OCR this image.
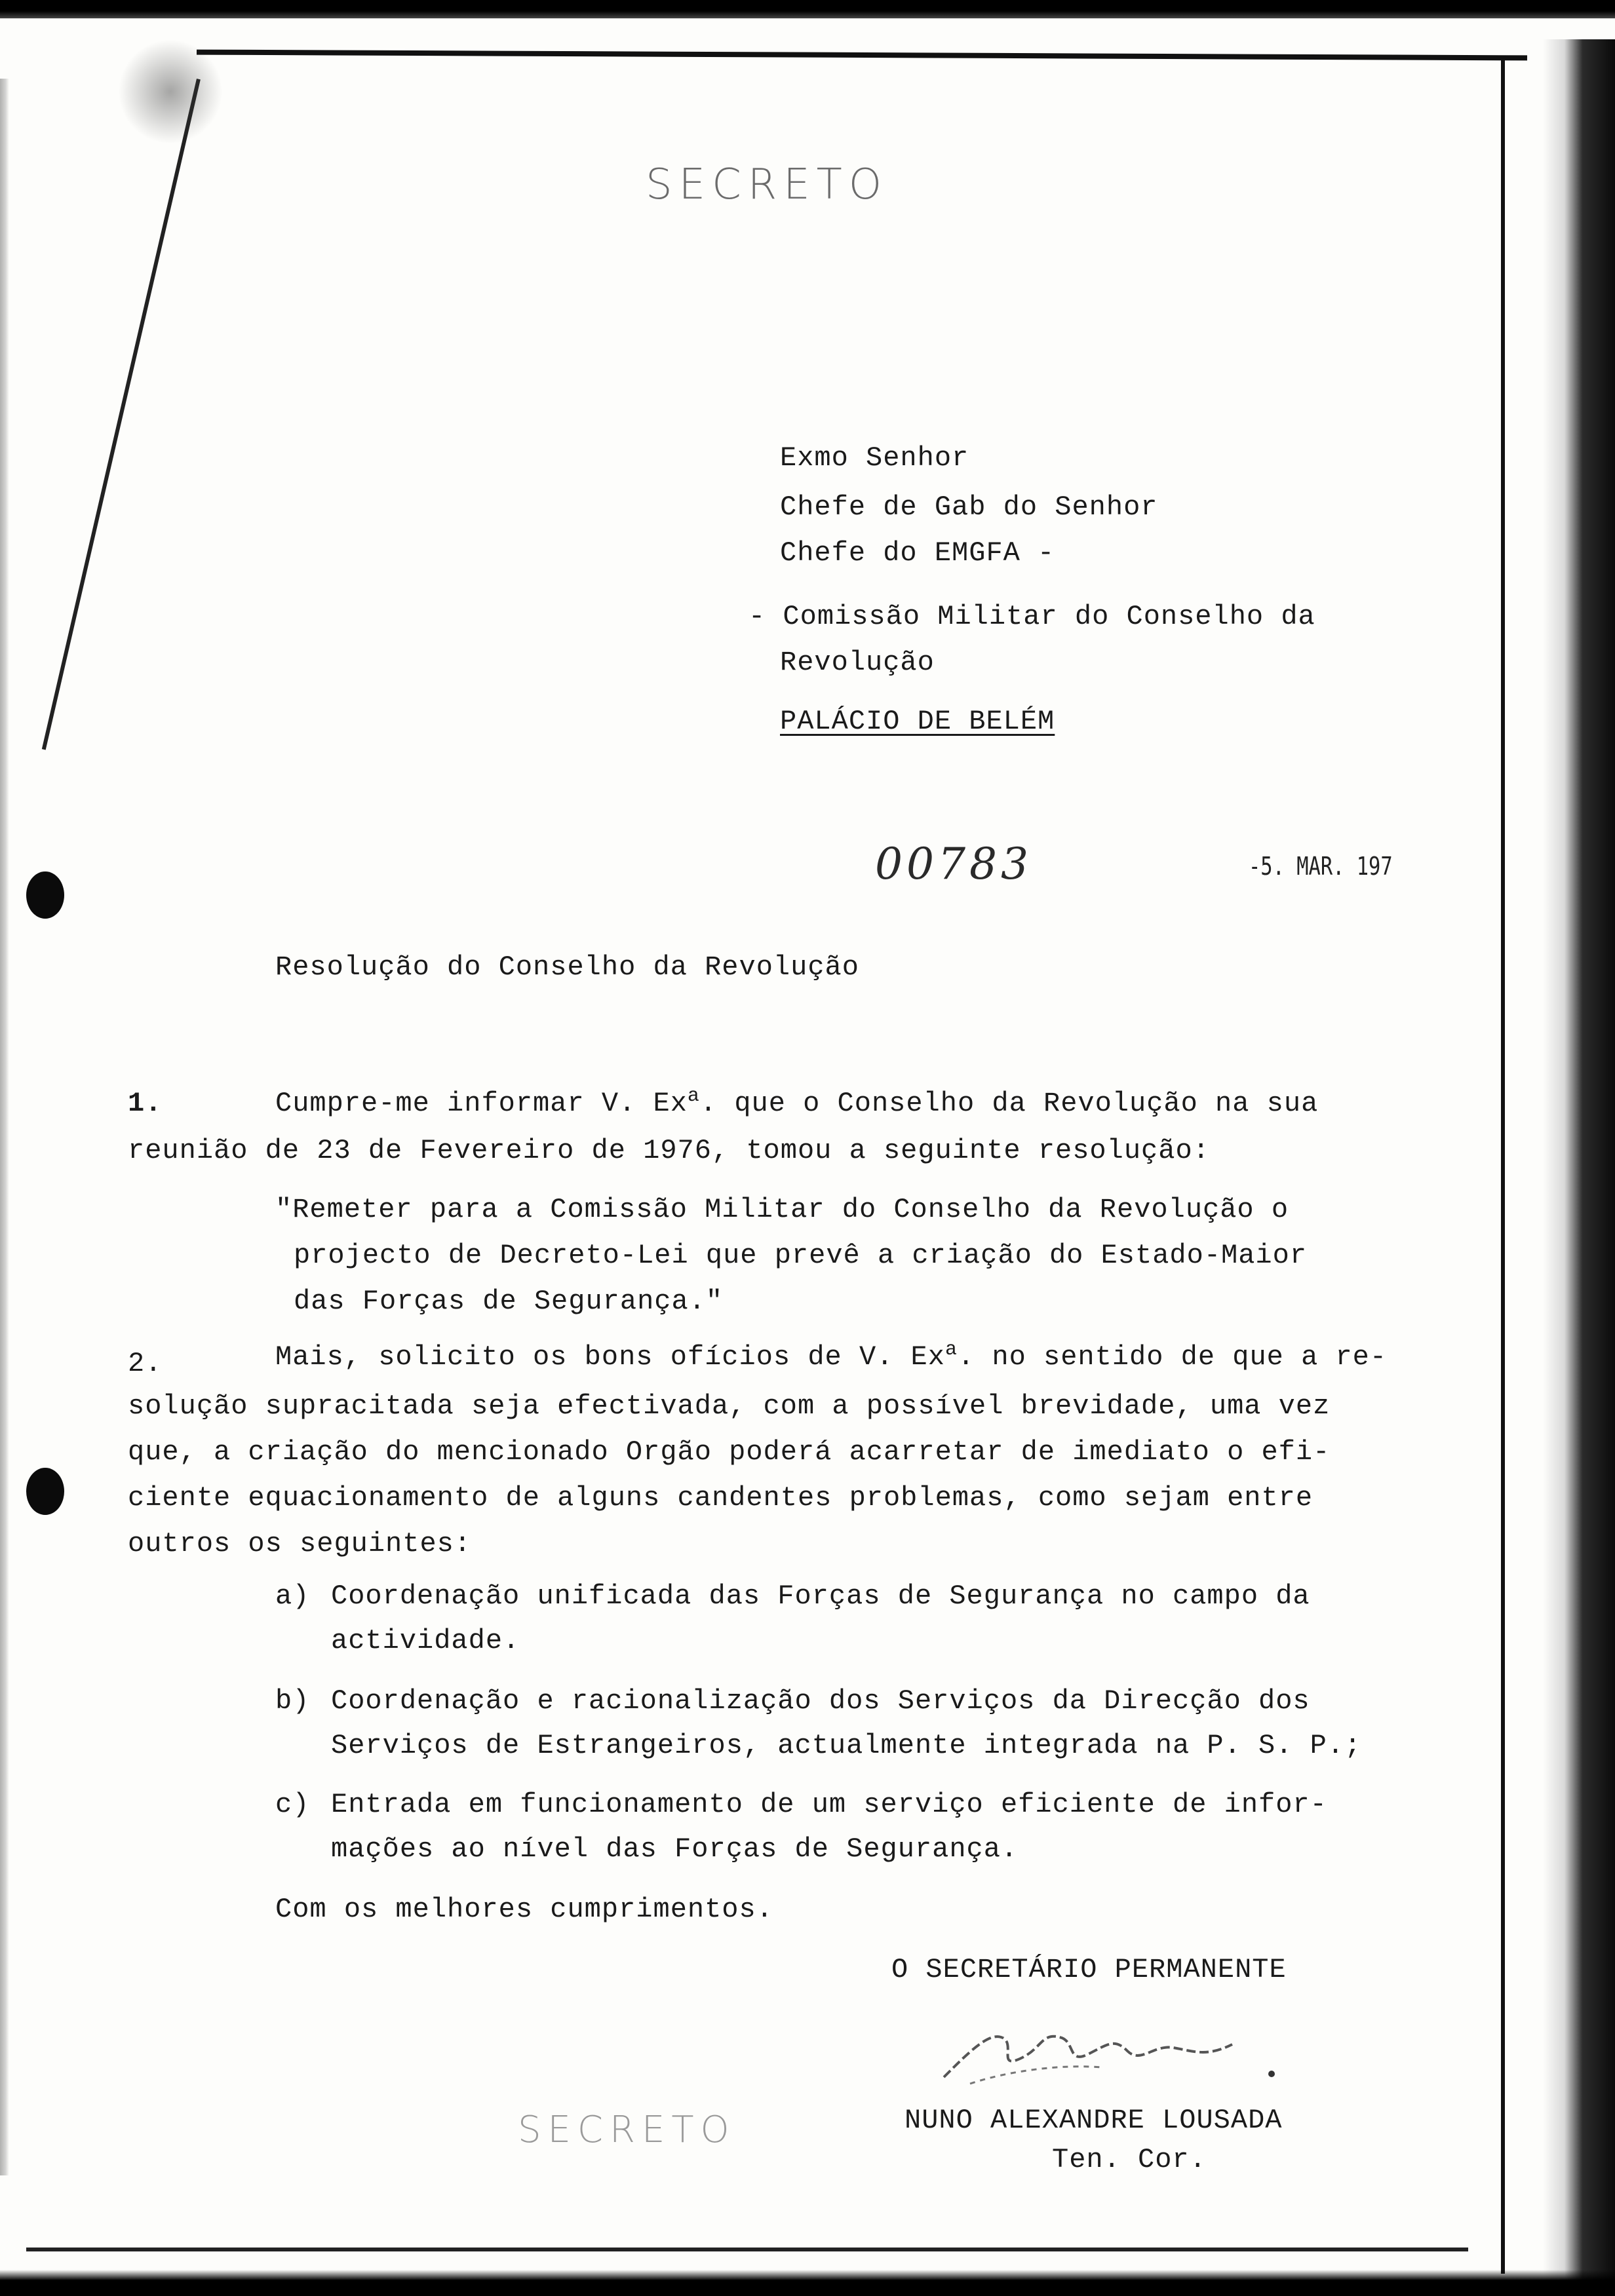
SECRETO
Exmo Senhor
Chefe de Gab do Senhor
Chefe do EMGFA -
- Comissão Militar do Conselho da
Revolução
PALÁCIO DE BELÉM
00783	-5. MAR. 197
Resolução do Conselho da Revolução
1.	Cumpre-me informar V. Ex$^a$. que o Conselho da Revolução na sua
reunião de 23 de Fevereiro de 1976, tomou a seguinte resolução:
"Remeter para a Comissão Militar do Conselho da Revolução o
projecto de Decreto-Lei que prevê a criação do Estado-Maior
das Forças de Segurança."
2.	Mais, solicito os bons ofícios de V. Ex$^a$. no sentido de que a re-
solução supracitada seja efectivada, com a possível brevidade, uma vez
que, a criação do mencionado Orgão poderá acarretar de imediato o efi-
ciente equacionamento de alguns candentes problemas, como sejam entre
outros os seguintes:
a) Coordenação unificada das Forças de Segurança no campo da
actividade.
b) Coordenação e racionalização dos Serviços da Direcção dos
Serviços de Estrangeiros, actualmente integrada na P. S. P.;
c) Entrada em funcionamento de um serviço eficiente de infor-
mações ao nível das Forças de Segurança.
Com os melhores cumprimentos.
O SECRETÁRIO PERMANENTE
NUNO ALEXANDRE LOUSADA
Ten. Cor.
SECRETO
